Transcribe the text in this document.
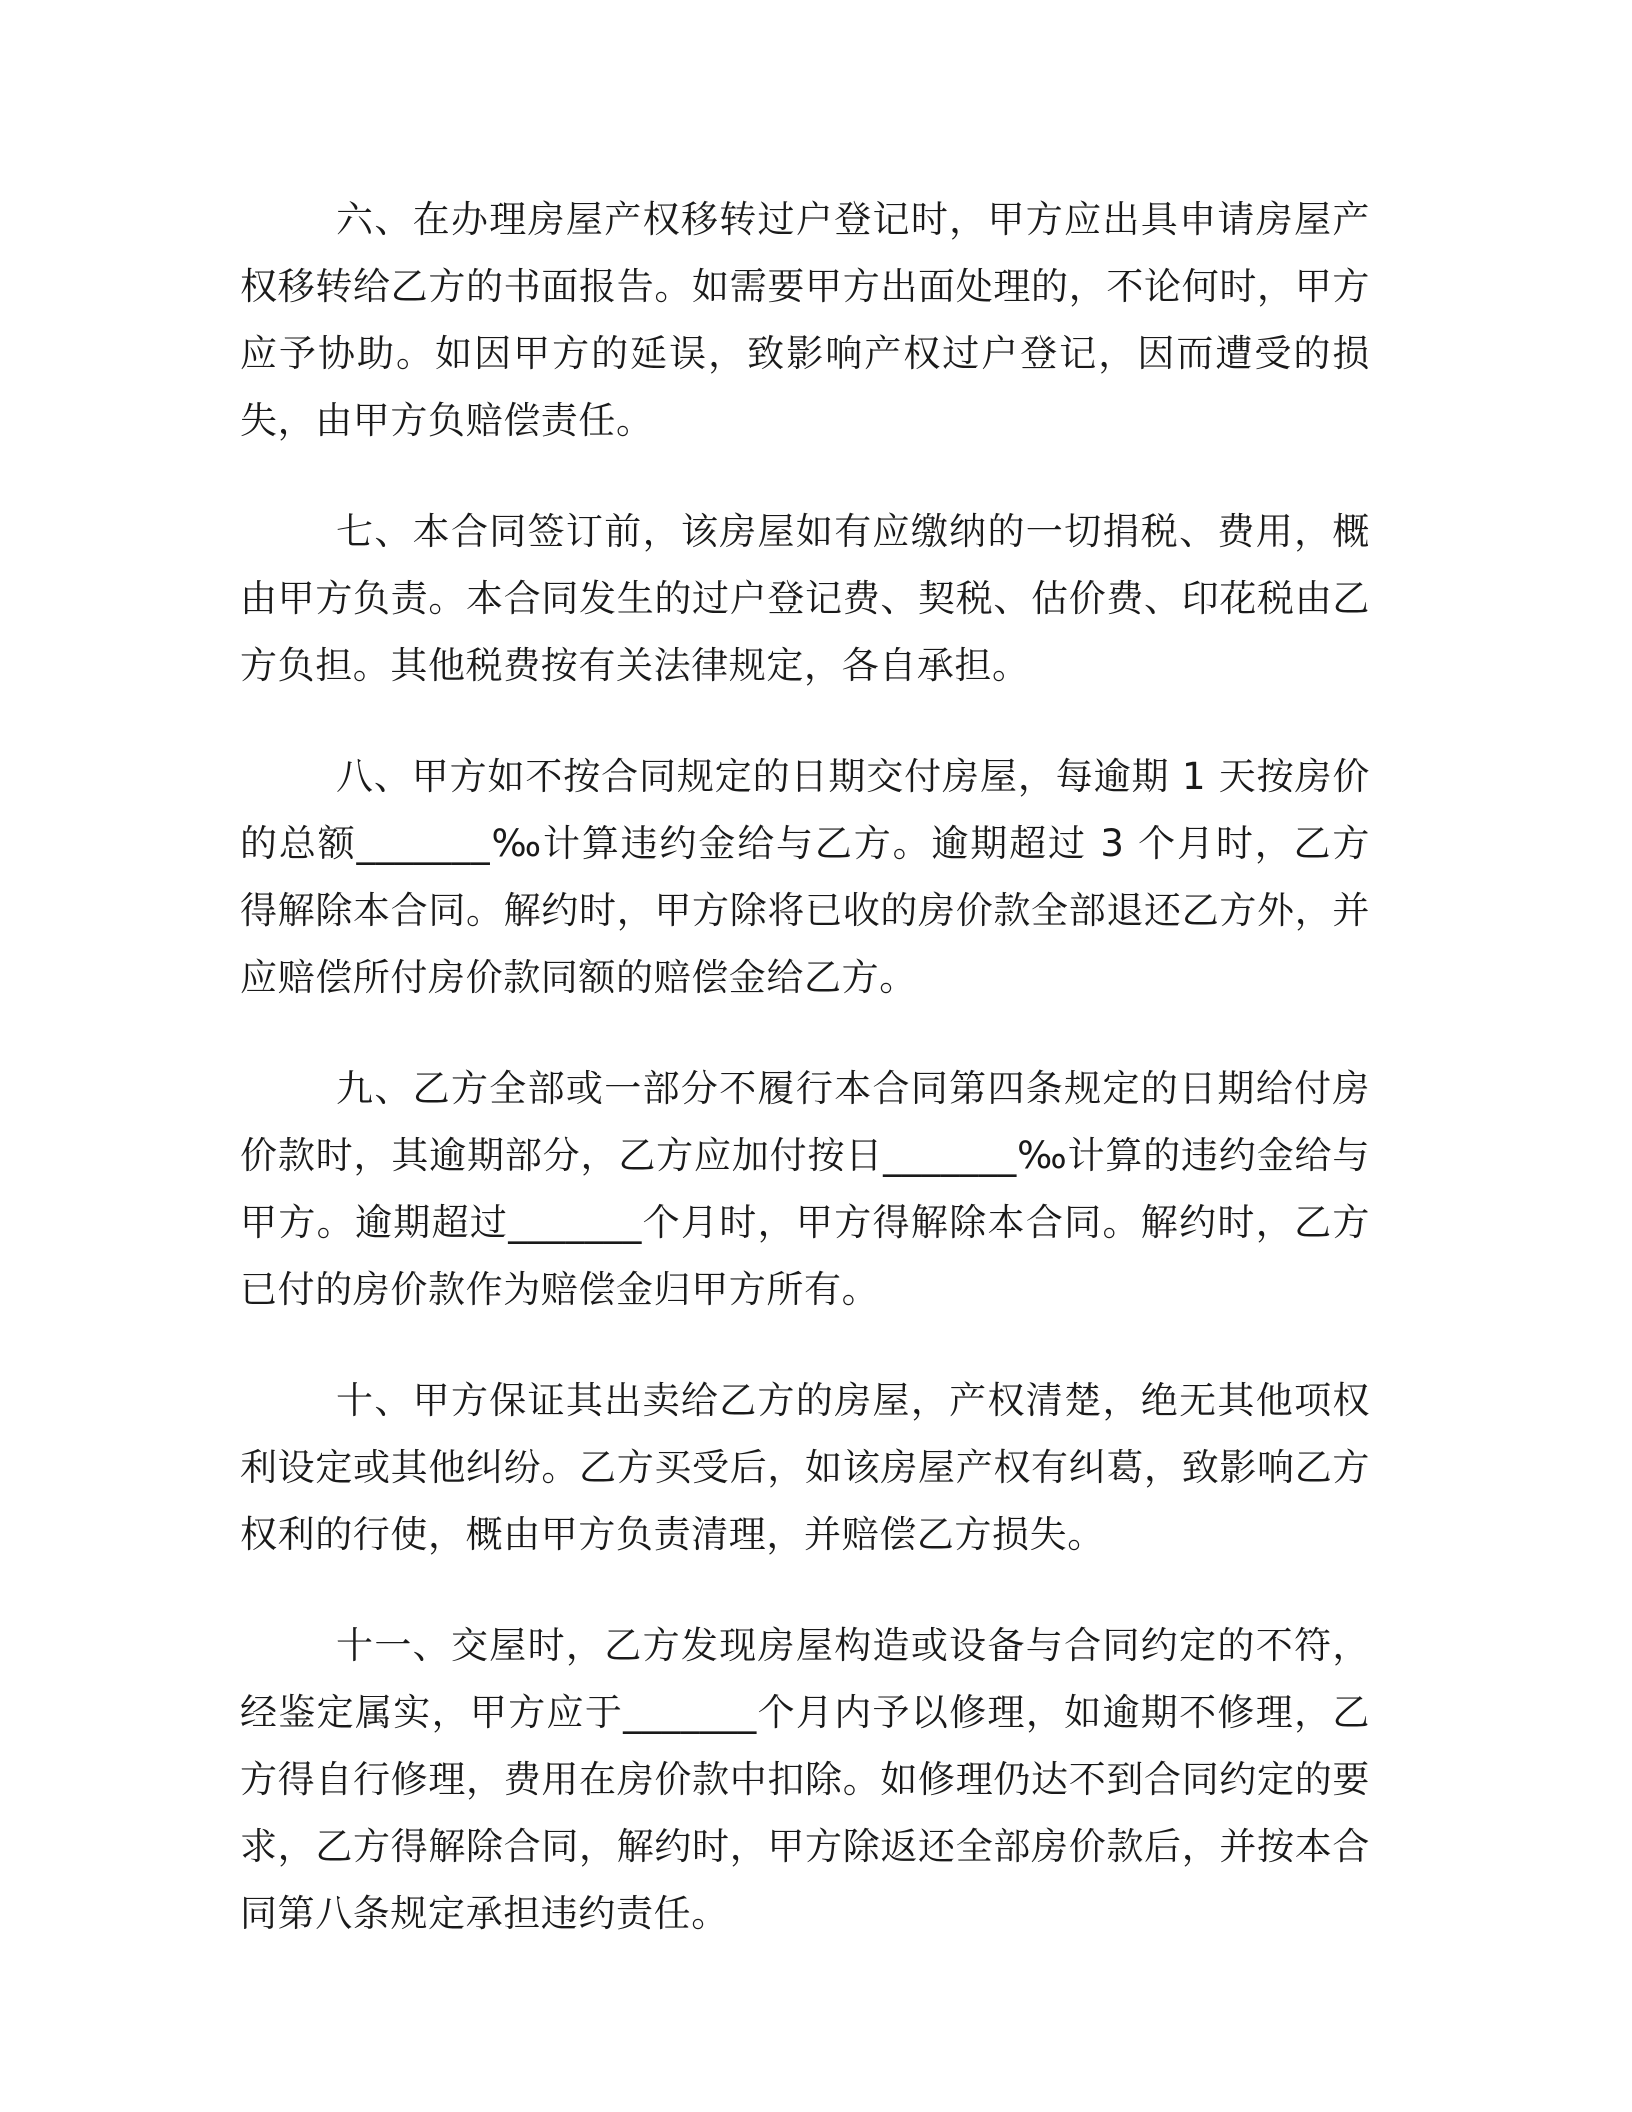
六、在办理房屋产权移转过户登记时，甲方应出具申请房屋产权移转给乙方的书面报告。如需要甲方出面处理的，不论何时，甲方应予协助。如因甲方的延误，致影响产权过户登记，因而遭受的损失，由甲方负赔偿责任。

七、本合同签订前，该房屋如有应缴纳的一切捐税、费用，概由甲方负责。本合同发生的过户登记费、契税、估价费、印花税由乙方负担。其他税费按有关法律规定，各自承担。

八、甲方如不按合同规定的日期交付房屋，每逾期 1 天按房价的总额_______‰计算违约金给与乙方。逾期超过 3 个月时，乙方得解除本合同。解约时，甲方除将已收的房价款全部退还乙方外，并应赔偿所付房价款同额的赔偿金给乙方。

九、乙方全部或一部分不履行本合同第四条规定的日期给付房价款时，其逾期部分，乙方应加付按日_______‰计算的违约金给与甲方。逾期超过_______个月时，甲方得解除本合同。解约时，乙方已付的房价款作为赔偿金归甲方所有。

十、甲方保证其出卖给乙方的房屋，产权清楚，绝无其他项权利设定或其他纠纷。乙方买受后，如该房屋产权有纠葛，致影响乙方权利的行使，概由甲方负责清理，并赔偿乙方损失。

十一、交屋时，乙方发现房屋构造或设备与合同约定的不符，经鉴定属实，甲方应于_______个月内予以修理，如逾期不修理，乙方得自行修理，费用在房价款中扣除。如修理仍达不到合同约定的要求，乙方得解除合同，解约时，甲方除返还全部房价款后，并按本合同第八条规定承担违约责任。
